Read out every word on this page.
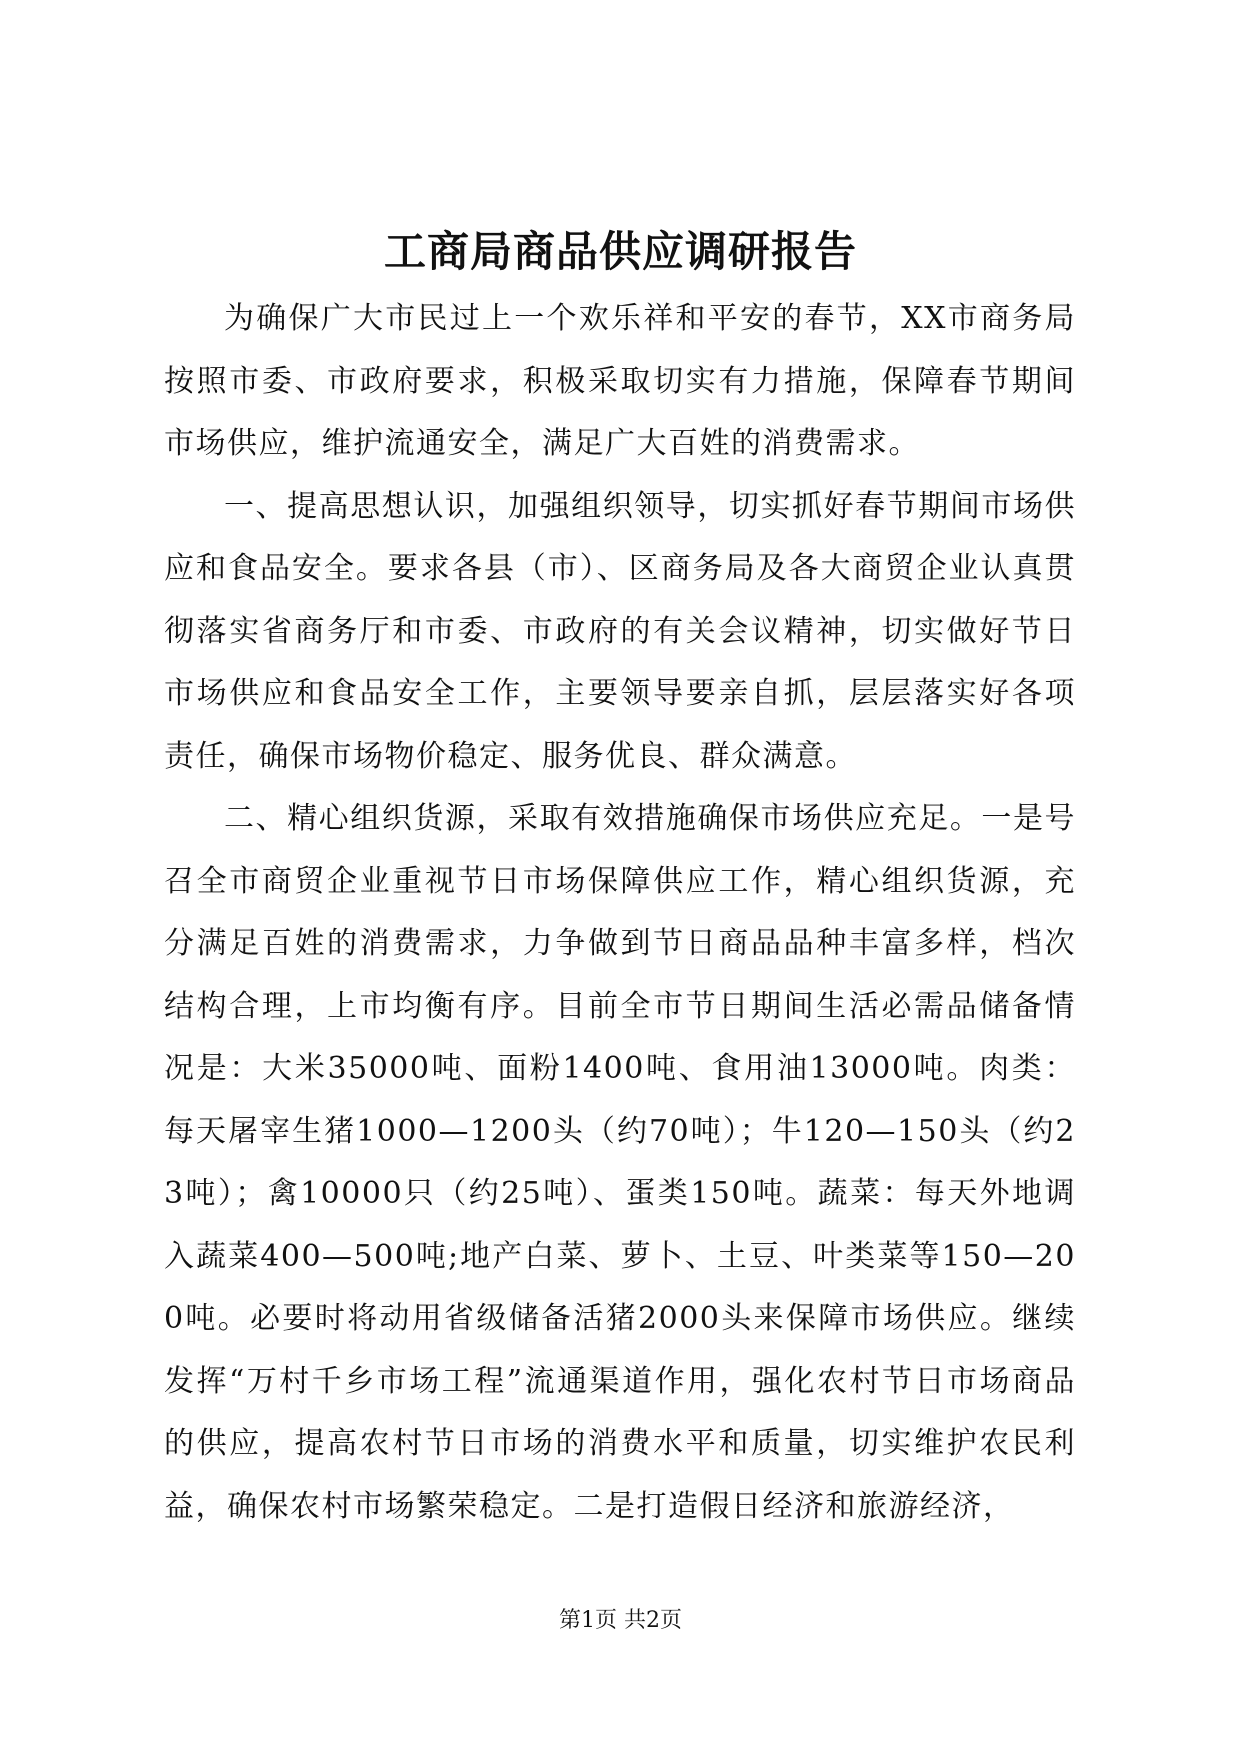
工商局商品供应调研报告

为确保广大市民过上一个欢乐祥和平安的春节，XX市商务局按照市委、市政府要求，积极采取切实有力措施，保障春节期间市场供应，维护流通安全，满足广大百姓的消费需求。

一、提高思想认识，加强组织领导，切实抓好春节期间市场供应和食品安全。要求各县（市）、区商务局及各大商贸企业认真贯彻落实省商务厅和市委、市政府的有关会议精神，切实做好节日市场供应和食品安全工作，主要领导要亲自抓，层层落实好各项责任，确保市场物价稳定、服务优良、群众满意。

二、精心组织货源，采取有效措施确保市场供应充足。一是号召全市商贸企业重视节日市场保障供应工作，精心组织货源，充分满足百姓的消费需求，力争做到节日商品品种丰富多样，档次结构合理，上市均衡有序。目前全市节日期间生活必需品储备情况是：大米35000吨、面粉1400吨、食用油13000吨。肉类：每天屠宰生猪1000—1200头（约70吨）；牛120—150头（约23吨）；禽10000只（约25吨）、蛋类150吨。蔬菜：每天外地调入蔬菜400—500吨;地产白菜、萝卜、土豆、叶类菜等150—200吨。必要时将动用省级储备活猪2000头来保障市场供应。继续发挥“万村千乡市场工程”流通渠道作用，强化农村节日市场商品的供应，提高农村节日市场的消费水平和质量，切实维护农民利益，确保农村市场繁荣稳定。二是打造假日经济和旅游经济，

第1页 共2页
